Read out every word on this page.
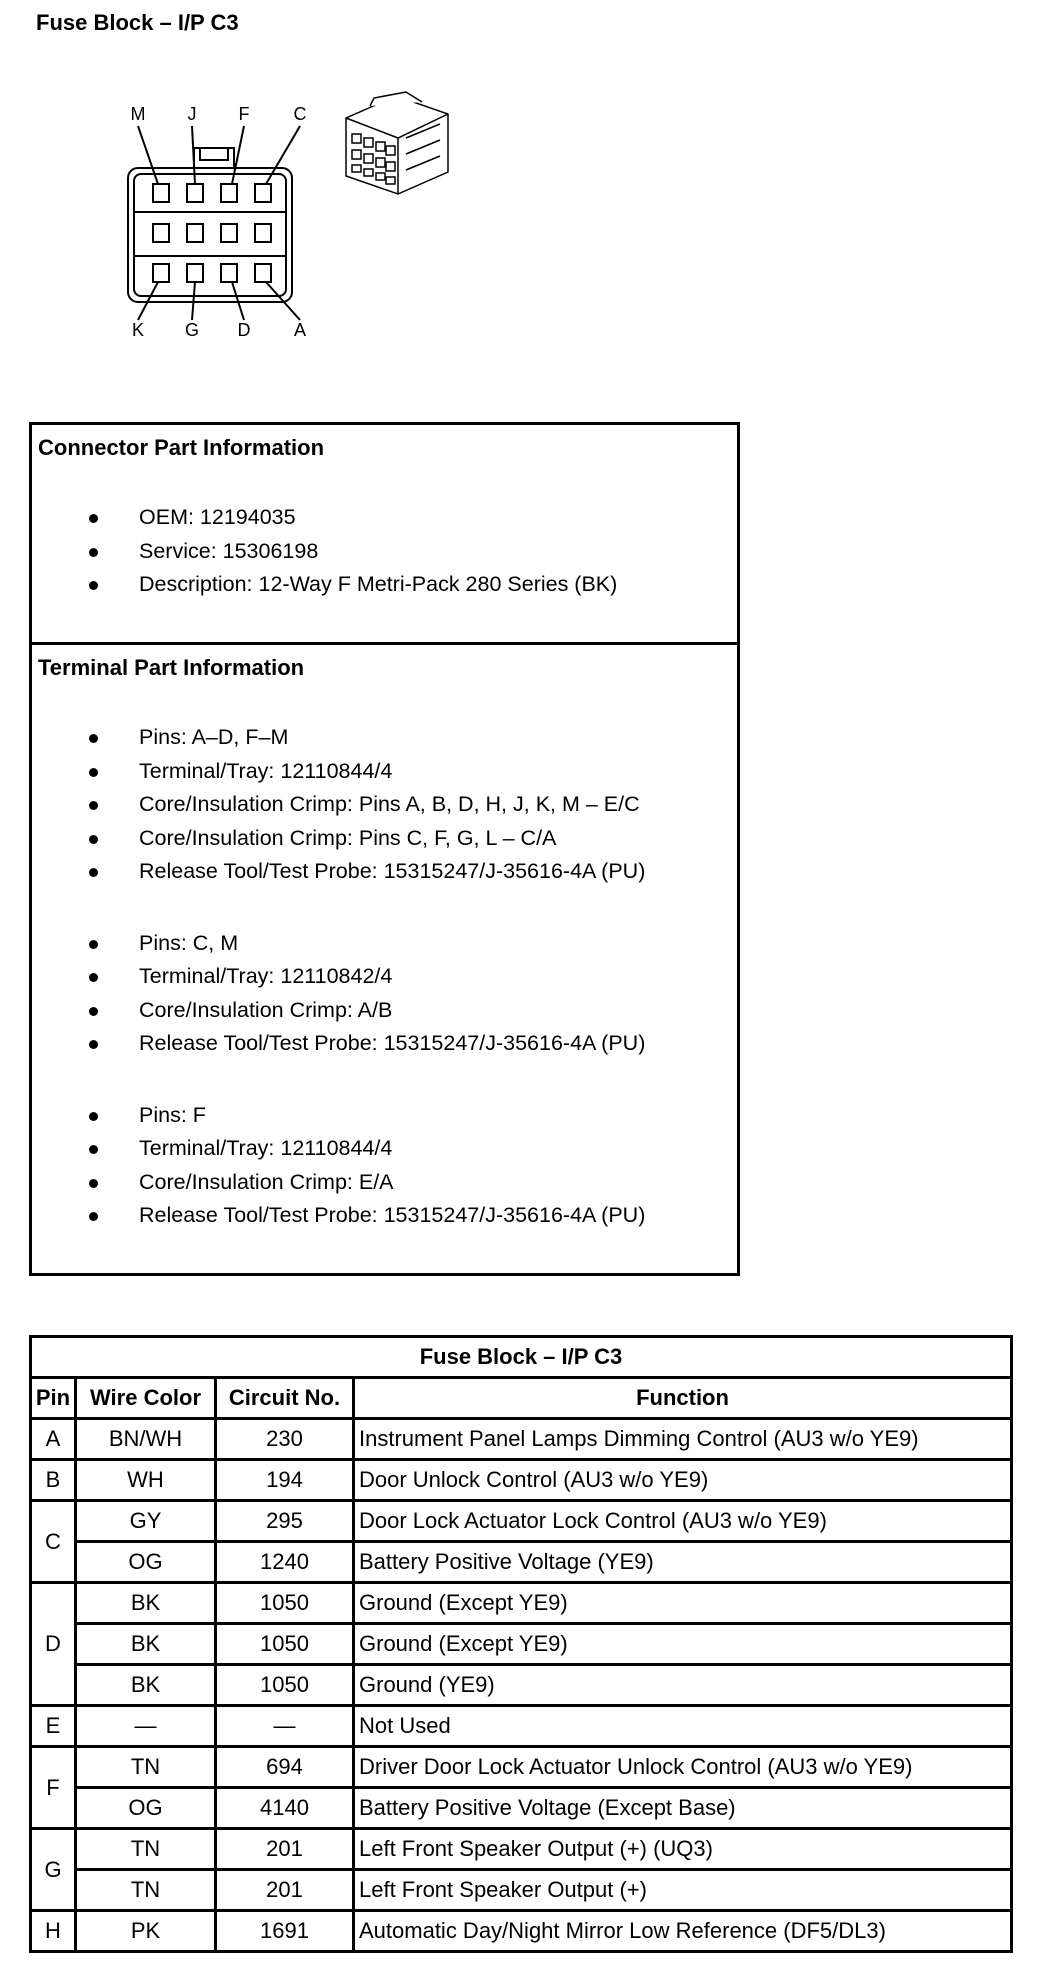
Fuse Block – I/P C3
M J F C
K G D A
Connector Part Information
OEM: 12194035
Service: 15306198
Description: 12-Way F Metri-Pack 280 Series (BK)
Terminal Part Information
Pins: A–D, F–M
Terminal/Tray: 12110844/4
Core/Insulation Crimp: Pins A, B, D, H, J, K, M – E/C
Core/Insulation Crimp: Pins C, F, G, L – C/A
Release Tool/Test Probe: 15315247/J-35616-4A (PU)
Pins: C, M
Terminal/Tray: 12110842/4
Core/Insulation Crimp: A/B
Release Tool/Test Probe: 15315247/J-35616-4A (PU)
Pins: F
Terminal/Tray: 12110844/4
Core/Insulation Crimp: E/A
Release Tool/Test Probe: 15315247/J-35616-4A (PU)
Fuse Block – I/P C3			
Pin	Wire Color	Circuit No.	Function
A	BN/WH	230	Instrument Panel Lamps Dimming Control (AU3 w/o YE9)
B	WH	194	Door Unlock Control (AU3 w/o YE9)
C	GY	295	Door Lock Actuator Lock Control (AU3 w/o YE9)
	OG	1240	Battery Positive Voltage (YE9)
D	BK	1050	Ground (Except YE9)
	BK	1050	Ground (Except YE9)
	BK	1050	Ground (YE9)
E	—	—	Not Used
F	TN	694	Driver Door Lock Actuator Unlock Control (AU3 w/o YE9)
	OG	4140	Battery Positive Voltage (Except Base)
G	TN	201	Left Front Speaker Output (+) (UQ3)
	TN	201	Left Front Speaker Output (+)
H	PK	1691	Automatic Day/Night Mirror Low Reference (DF5/DL3)
